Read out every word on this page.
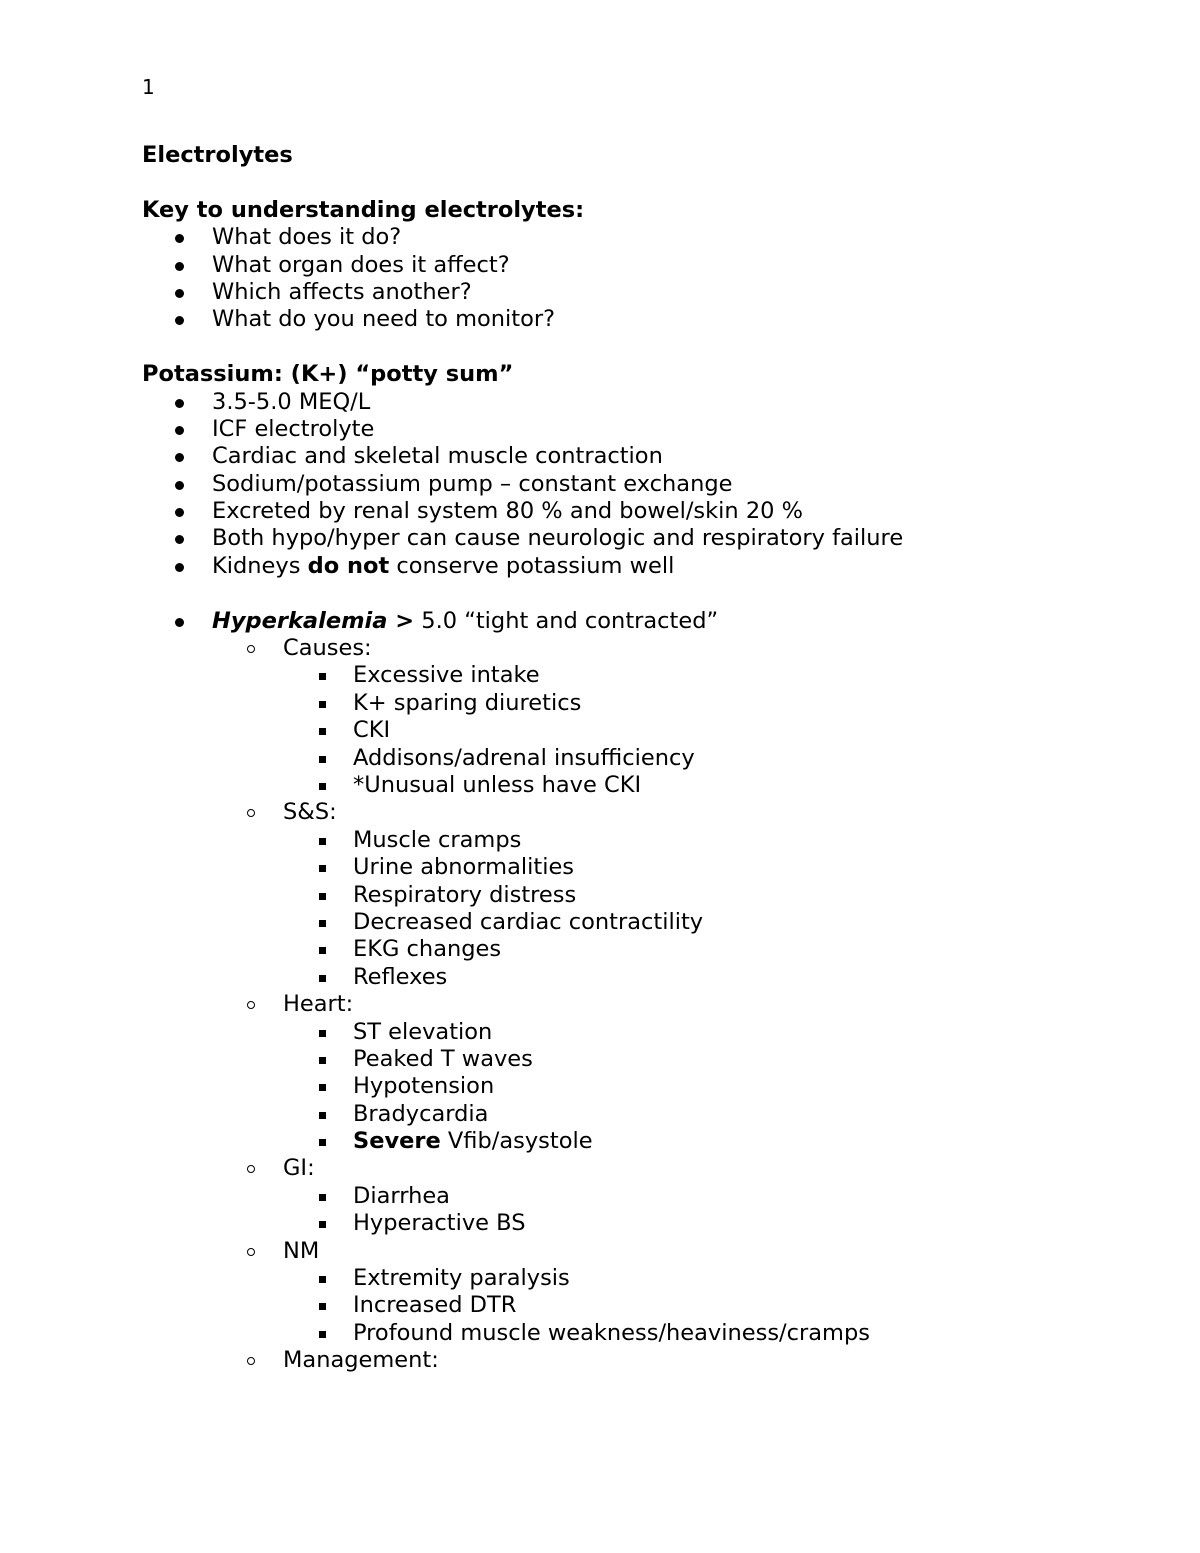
1
Electrolytes
Key to understanding electrolytes:
What does it do?
What organ does it affect?
Which affects another?
What do you need to monitor?
Potassium: (K+) “potty sum”
3.5-5.0 MEQ/L
ICF electrolyte
Cardiac and skeletal muscle contraction
Sodium/potassium pump – constant exchange
Excreted by renal system 80 % and bowel/skin 20 %
Both hypo/hyper can cause neurologic and respiratory failure
Kidneys do not conserve potassium well
Hyperkalemia > 5.0 “tight and contracted”
Causes:
Excessive intake
K+ sparing diuretics
CKI
Addisons/adrenal insufficiency
*Unusual unless have CKI
S&S:
Muscle cramps
Urine abnormalities
Respiratory distress
Decreased cardiac contractility
EKG changes
Reflexes
Heart:
ST elevation
Peaked T waves
Hypotension
Bradycardia
Severe Vfib/asystole
GI:
Diarrhea
Hyperactive BS
NM
Extremity paralysis
Increased DTR
Profound muscle weakness/heaviness/cramps
Management:
